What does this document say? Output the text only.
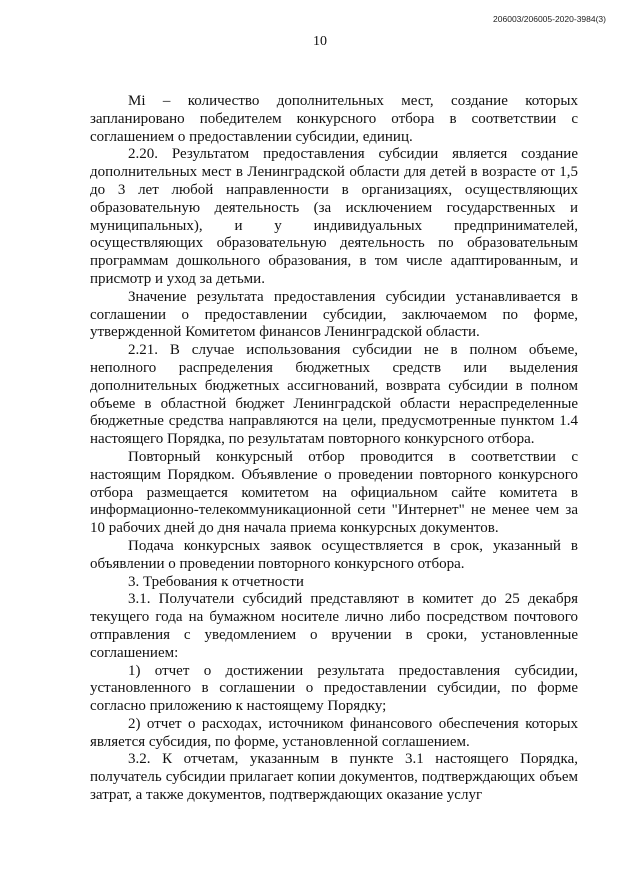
206003/206005-2020-3984(3)
10

Mi – количество дополнительных мест, создание которых запланировано победителем конкурсного отбора в соответствии с соглашением о предоставлении субсидии, единиц.

2.20. Результатом предоставления субсидии является создание дополнительных мест в Ленинградской области для детей в возрасте от 1,5 до 3 лет любой направленности в организациях, осуществляющих образовательную деятельность (за исключением государственных и муниципальных), и у индивидуальных предпринимателей, осуществляющих образовательную деятельность по образовательным программам дошкольного образования, в том числе адаптированным, и присмотр и уход за детьми.

Значение результата предоставления субсидии устанавливается в соглашении о предоставлении субсидии, заключаемом по форме, утвержденной Комитетом финансов Ленинградской области.

2.21. В случае использования субсидии не в полном объеме, неполного распределения бюджетных средств или выделения дополнительных бюджетных ассигнований, возврата субсидии в полном объеме в областной бюджет Ленинградской области нераспределенные бюджетные средства направляются на цели, предусмотренные пунктом 1.4 настоящего Порядка, по результатам повторного конкурсного отбора.

Повторный конкурсный отбор проводится в соответствии с настоящим Порядком. Объявление о проведении повторного конкурсного отбора размещается комитетом на официальном сайте комитета в информационно-телекоммуникационной сети "Интернет" не менее чем за 10 рабочих дней до дня начала приема конкурсных документов.

Подача конкурсных заявок осуществляется в срок, указанный в объявлении о проведении повторного конкурсного отбора.

3. Требования к отчетности

3.1. Получатели субсидий представляют в комитет до 25 декабря текущего года на бумажном носителе лично либо посредством почтового отправления с уведомлением о вручении в сроки, установленные соглашением:

1) отчет о достижении результата предоставления субсидии, установленного в соглашении о предоставлении субсидии, по форме согласно приложению к настоящему Порядку;

2) отчет о расходах, источником финансового обеспечения которых является субсидия, по форме, установленной соглашением.

3.2. К отчетам, указанным в пункте 3.1 настоящего Порядка, получатель субсидии прилагает копии документов, подтверждающих объем затрат, а также документов, подтверждающих оказание услуг
